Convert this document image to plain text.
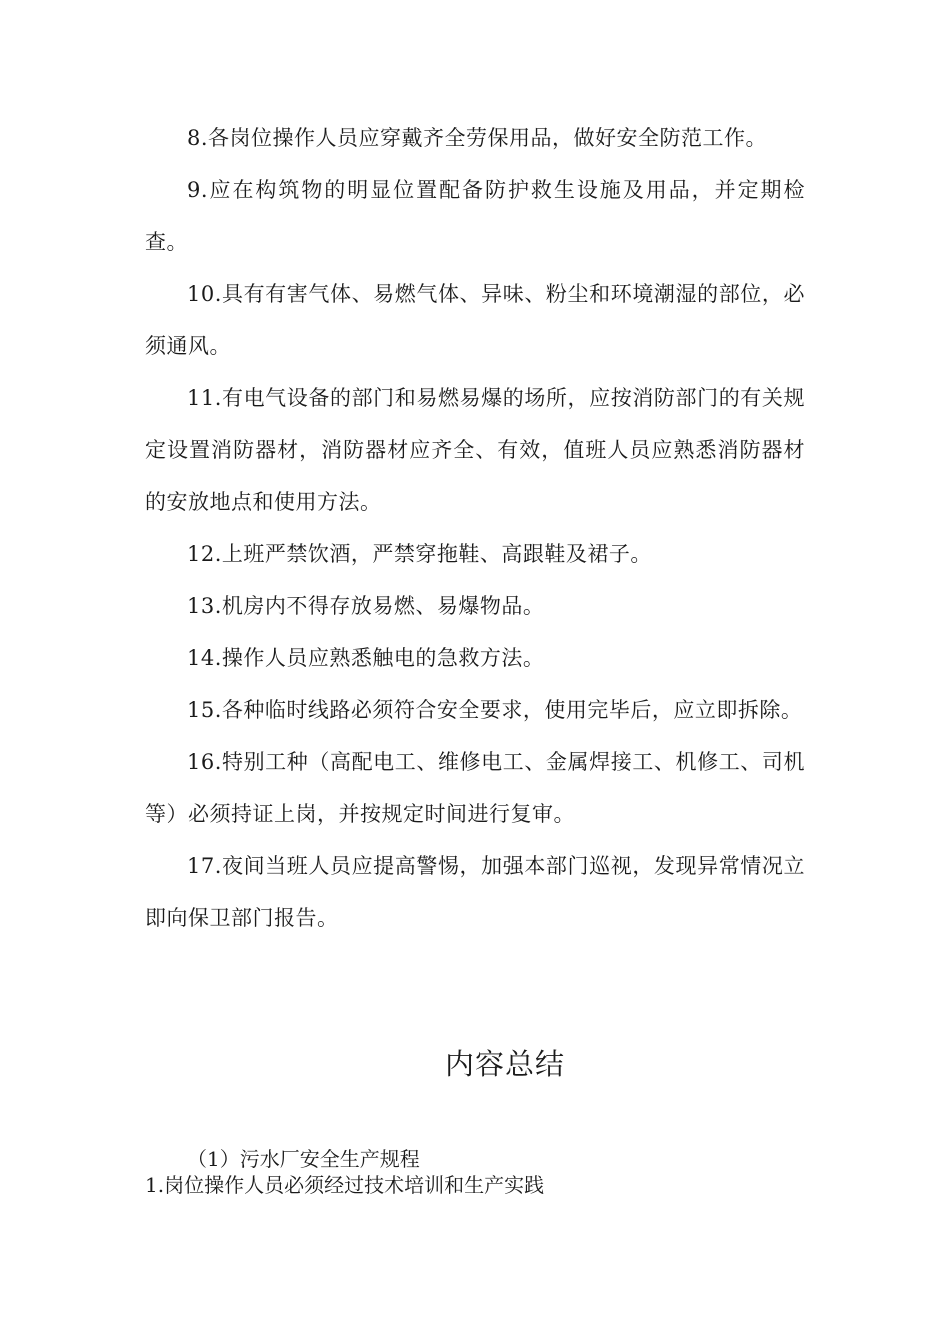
8.各岗位操作人员应穿戴齐全劳保用品，做好安全防范工作。

9.应在构筑物的明显位置配备防护救生设施及用品，并定期检查。

10.具有有害气体、易燃气体、异味、粉尘和环境潮湿的部位，必须通风。

11.有电气设备的部门和易燃易爆的场所，应按消防部门的有关规定设置消防器材，消防器材应齐全、有效，值班人员应熟悉消防器材的安放地点和使用方法。

12.上班严禁饮酒，严禁穿拖鞋、高跟鞋及裙子。

13.机房内不得存放易燃、易爆物品。

14.操作人员应熟悉触电的急救方法。

15.各种临时线路必须符合安全要求，使用完毕后，应立即拆除。

16.特别工种（高配电工、维修电工、金属焊接工、机修工、司机等）必须持证上岗，并按规定时间进行复审。

17.夜间当班人员应提高警惕，加强本部门巡视，发现异常情况立即向保卫部门报告。

内容总结

（1）污水厂安全生产规程

1.岗位操作人员必须经过技术培训和生产实践
